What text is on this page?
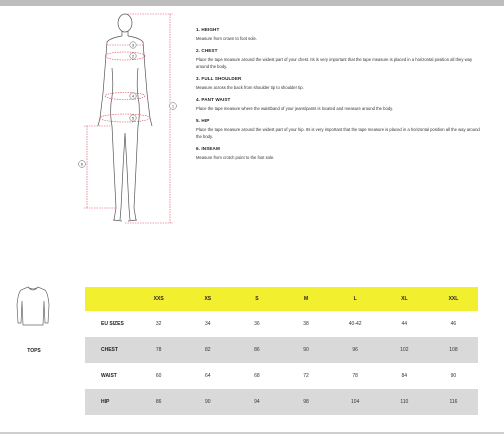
1
2
3
4
5
6
1. HEIGHT
Measure from crown to foot sole.
2. CHEST
Place the tape measure around the widest part of your chest. Its is very important that the tape measure is placed in a horizontal position all they way around the body.
3. FULL SHOULDER
Measure across the back from shoulder tip to shoulder tip.
4. PANT WAIST
Place the tape measure where the waistband of your jeans/pants is located and measure around the body.
5. HIP
Place the tape measure around the widest part of your hip. Its is very important that the tape measure is placed in a horizontal position all the way around the body.
6. INSEAM
Measure from crotch point to the foot sole.
TOPS
	XXS	XS	S	M	L	XL	XXL
EU SIZES	32	34	36	38	40-42	44	46
CHEST	78	82	86	90	96	102	108
WAIST	60	64	68	72	78	84	90
HIP	86	90	94	98	104	110	116
